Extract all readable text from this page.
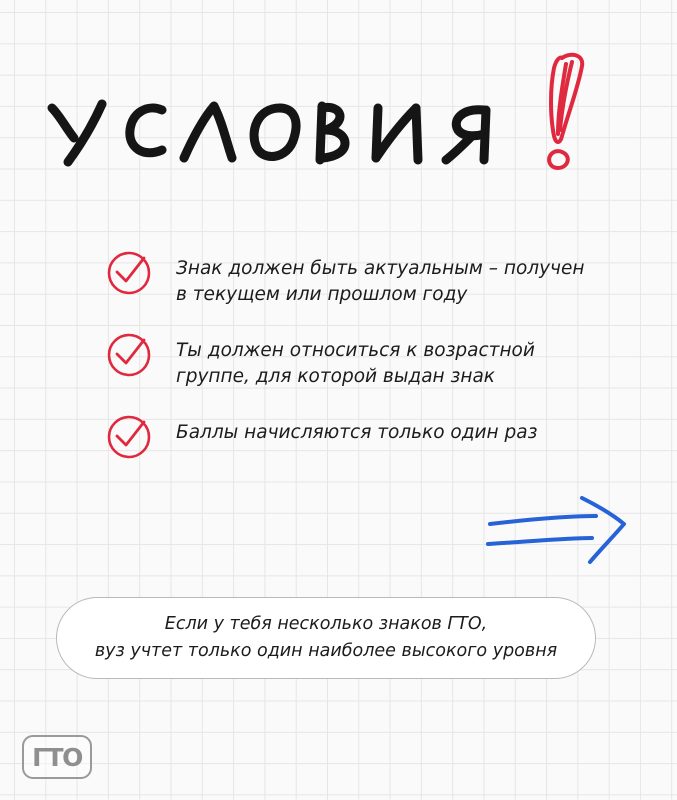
Знак должен быть актуальным – получен
в текущем или прошлом году
Ты должен относиться к возрастной
группе, для которой выдан знак
Баллы начисляются только один раз
Если у тебя несколько знаков ГТО,
вуз учтет только один наиболее высокого уровня
ГТО
